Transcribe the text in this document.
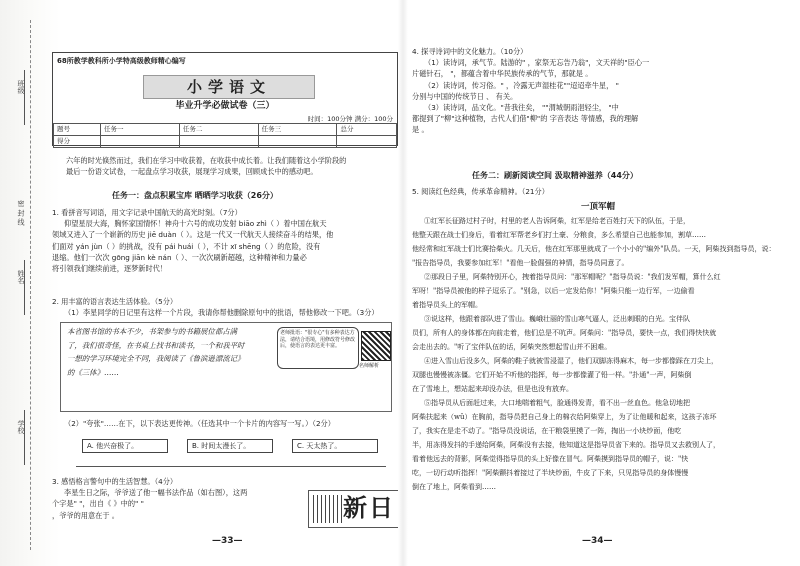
班级
密 封 线
姓名
学校
68所教学教科所小学特高级教师精心编写
小学语文
毕业升学必做试卷（三）
时间：100分钟 满分：100分
题号	任务一	任务二	任务三	总分
得分				
六年的时光倏然而过，我们在学习中收获着，在收获中成长着。让我们随着这小学阶段的
最后一份语文试卷，一起盘点学习收获，展现学习成果，回顾成长中的感动吧。
任务一：盘点积累宝库 晒晒学习收获（26分）
1. 看拼音写词语，用文字记录中国航天的高光时刻。（7分）
仰望星辰大海，胸怀家国情怀！神舟十六号的成功发射 biāo zhì（ ）着中国在航天
领域又进入了一个崭新的历史 jiē duàn（ ）。这是一代又一代航天人接续奋斗的结果，他
们面对 yán jùn（ ）的挑战，没有 pái huái（ ），不计 xī shēng（ ）的危险，没有
退缩。他们一次次 gōng jiān kè nán（ ）、一次次刷新超越，这种精神和力量必
将引领我们继续前进，逐梦新时代！
2. 用丰富的语言表达生活体验。（5分）
（1）李星同学的日记里有这样一个片段，我请你帮他删除原句中的批语，帮他修改一下吧。（3分）
本省图书馆的书本不少，书架参与的书籍展位都占满
了，我们很奇怪，在书桌上找书和读书，一个和我平时
一想的学习环境完全不同，我阅读了《鲁滨逊漂流记》
的《三体》……
老师批语："很专心"有多种表达方法，请结合语境，用修改符号修改后，使语言的表达更丰富。
名师解析
（2）"夸张"……在下，以下表达更传神。（任选其中一个卡片的内容写一写。）（2分）
A. 他兴奋极了。	B. 时间太漫长了。	C. 天太热了。
3. 感悟格言警句中的生活智慧。（4分）
李星生日之际，爷爷送了他一幅书法作品（如右图），这两
个字是" "，出自《 》中的" "
，爷爷的用意在于 。	新日
—33—
4. 探寻诗词中的文化魅力。（10分）
（1）读诗词，承气节。陆游的" ，家祭无忘告乃翁"，文天祥的"臣心一
片磁针石， "，都蕴含着中华民族传承的气节，那就是 。
（2）读诗词，传习俗。" ，冷露无声湿桂花""迢迢牵牛星， "
分别与中国的传统节日 、 有关。
（3）读诗词，品文化。"昔我往矣， ""渭城朝雨浥轻尘， "中
都提到了"柳"这种植物，古代人们借"柳"的 字音表达 等情感，我的理解
是 。
任务二：刷新阅读空间 汲取精神滋养（44分）
5. 阅读红色经典，传承革命精神。（21分）
一顶军帽
①红军长征路过村子时，村里的老人告诉阿柴，红军是给老百姓打天下的队伍，于是，
他整天跟在战士们身后，看着红军帮老乡们打土豪、分粮食，多么希望自己也能参加，割草……
他经常和红军战士们比赛拾柴火。几天后，他在红军那里就成了一个小小的"编外"队员。一天，阿柴找到指导员，说：
"报告指导员，我要参加红军！"看他一脸倔强的神情，指导员同意了。
②那段日子里，阿柴特别开心，拽着指导员问："那军帽呢？"指导员说："我们发军帽，算什么红
军呀！"指导员被他的样子逗乐了。"别急，以后一定发给你！"阿柴只能一边行军，一边偷看
着指导员头上的军帽。
③说这样，他跟着部队进了雪山。巍峨壮丽的雪山寒气逼人，泛出刺眼的白光。宝伴队
员们，所有人的身体都在向前走着，他们总是不吭声。阿柴问："指导员，要快一点，我们得快快就
会走出去的。"听了宝伴队伍的话，阿柴突然想起雪山并不困难。
④进入雪山后没多久，阿柴的鞋子就被雪浸湿了，他们双脚冻得麻木，每一步都像踩在刀尖上，
双腿也慢慢被冻僵。它们开始不听他的指挥，每一步都像灌了铅一样。"扑通"一声，阿柴倒
在了雪地上，想站起来却没办法，但是也没有放弃。
⑤指导员从后面赶过来，大口地喘着粗气，脸通得发青，看不出一丝血色。他急切地把
阿柴扶起来（wǔ）在胸前，指导员把自己身上的棉衣给阿柴穿上，为了让他暖和起来，这孩子冻坏
了，我实在是走不动了。"指导员没说话，在干粮袋里摸了一阵，掏出一小块炒面，他吃
半，用冻得发抖的手递给阿柴，阿柴没有去接，他知道这是指导员省下来的。指导员又去救别人了，
看着他远去的背影，阿柴觉得指导员的头上好像在冒气。阿柴摸到指导员的帽子，说："快
吃，一切行动听指挥！"阿柴颤抖着接过了半块炒面，牛皮了下来，只见指导员的身体慢慢
倒在了地上，阿柴看到……
—34—
